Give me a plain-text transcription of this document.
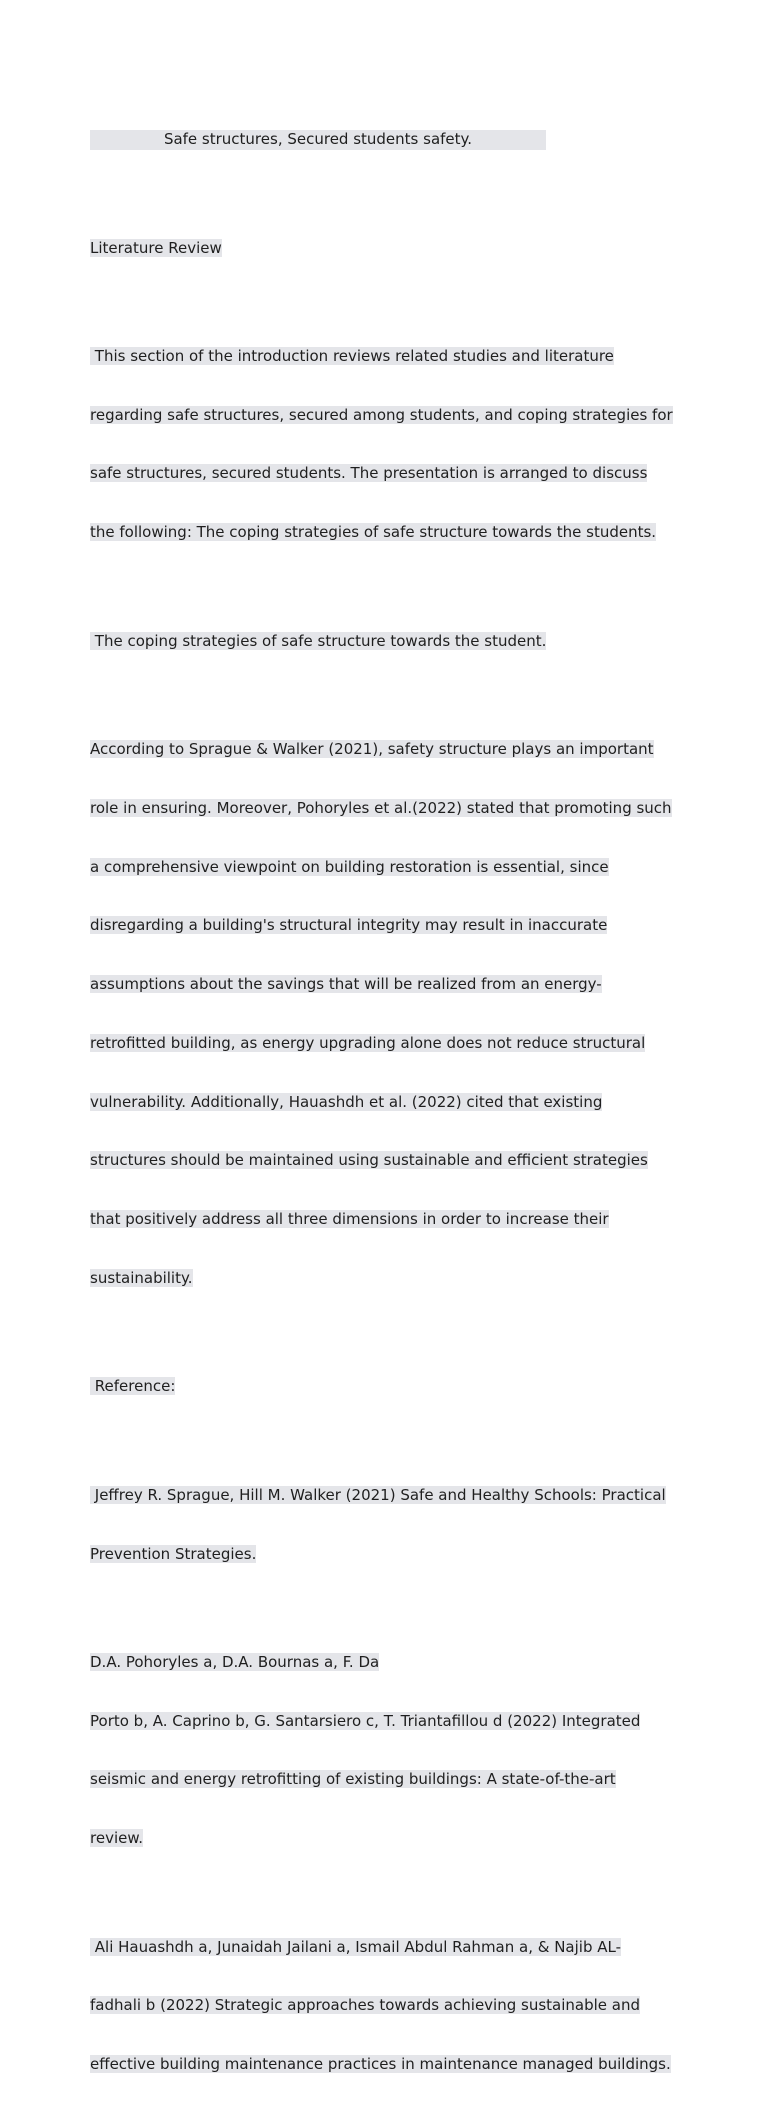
Safe structures, Secured students safety.

Literature Review

This section of the introduction reviews related studies and literature

regarding safe structures, secured among students, and coping strategies for

safe structures, secured students. The presentation is arranged to discuss

the following: The coping strategies of safe structure towards the students.

The coping strategies of safe structure towards the student.

According to Sprague & Walker (2021), safety structure plays an important

role in ensuring. Moreover, Pohoryles et al.(2022) stated that promoting such

a comprehensive viewpoint on building restoration is essential, since

disregarding a building's structural integrity may result in inaccurate

assumptions about the savings that will be realized from an energy-

retrofitted building, as energy upgrading alone does not reduce structural

vulnerability. Additionally, Hauashdh et al. (2022) cited that existing

structures should be maintained using sustainable and efficient strategies

that positively address all three dimensions in order to increase their

sustainability.

Reference:

Jeffrey R. Sprague, Hill M. Walker (2021) Safe and Healthy Schools: Practical

Prevention Strategies.

D.A. Pohoryles a, D.A. Bournas a, F. Da

Porto b, A. Caprino b, G. Santarsiero c, T. Triantafillou d (2022) Integrated

seismic and energy retrofitting of existing buildings: A state-of-the-art

review.

Ali Hauashdh a, Junaidah Jailani a, Ismail Abdul Rahman a, & Najib AL-

fadhali b (2022) Strategic approaches towards achieving sustainable and

effective building maintenance practices in maintenance managed buildings.
